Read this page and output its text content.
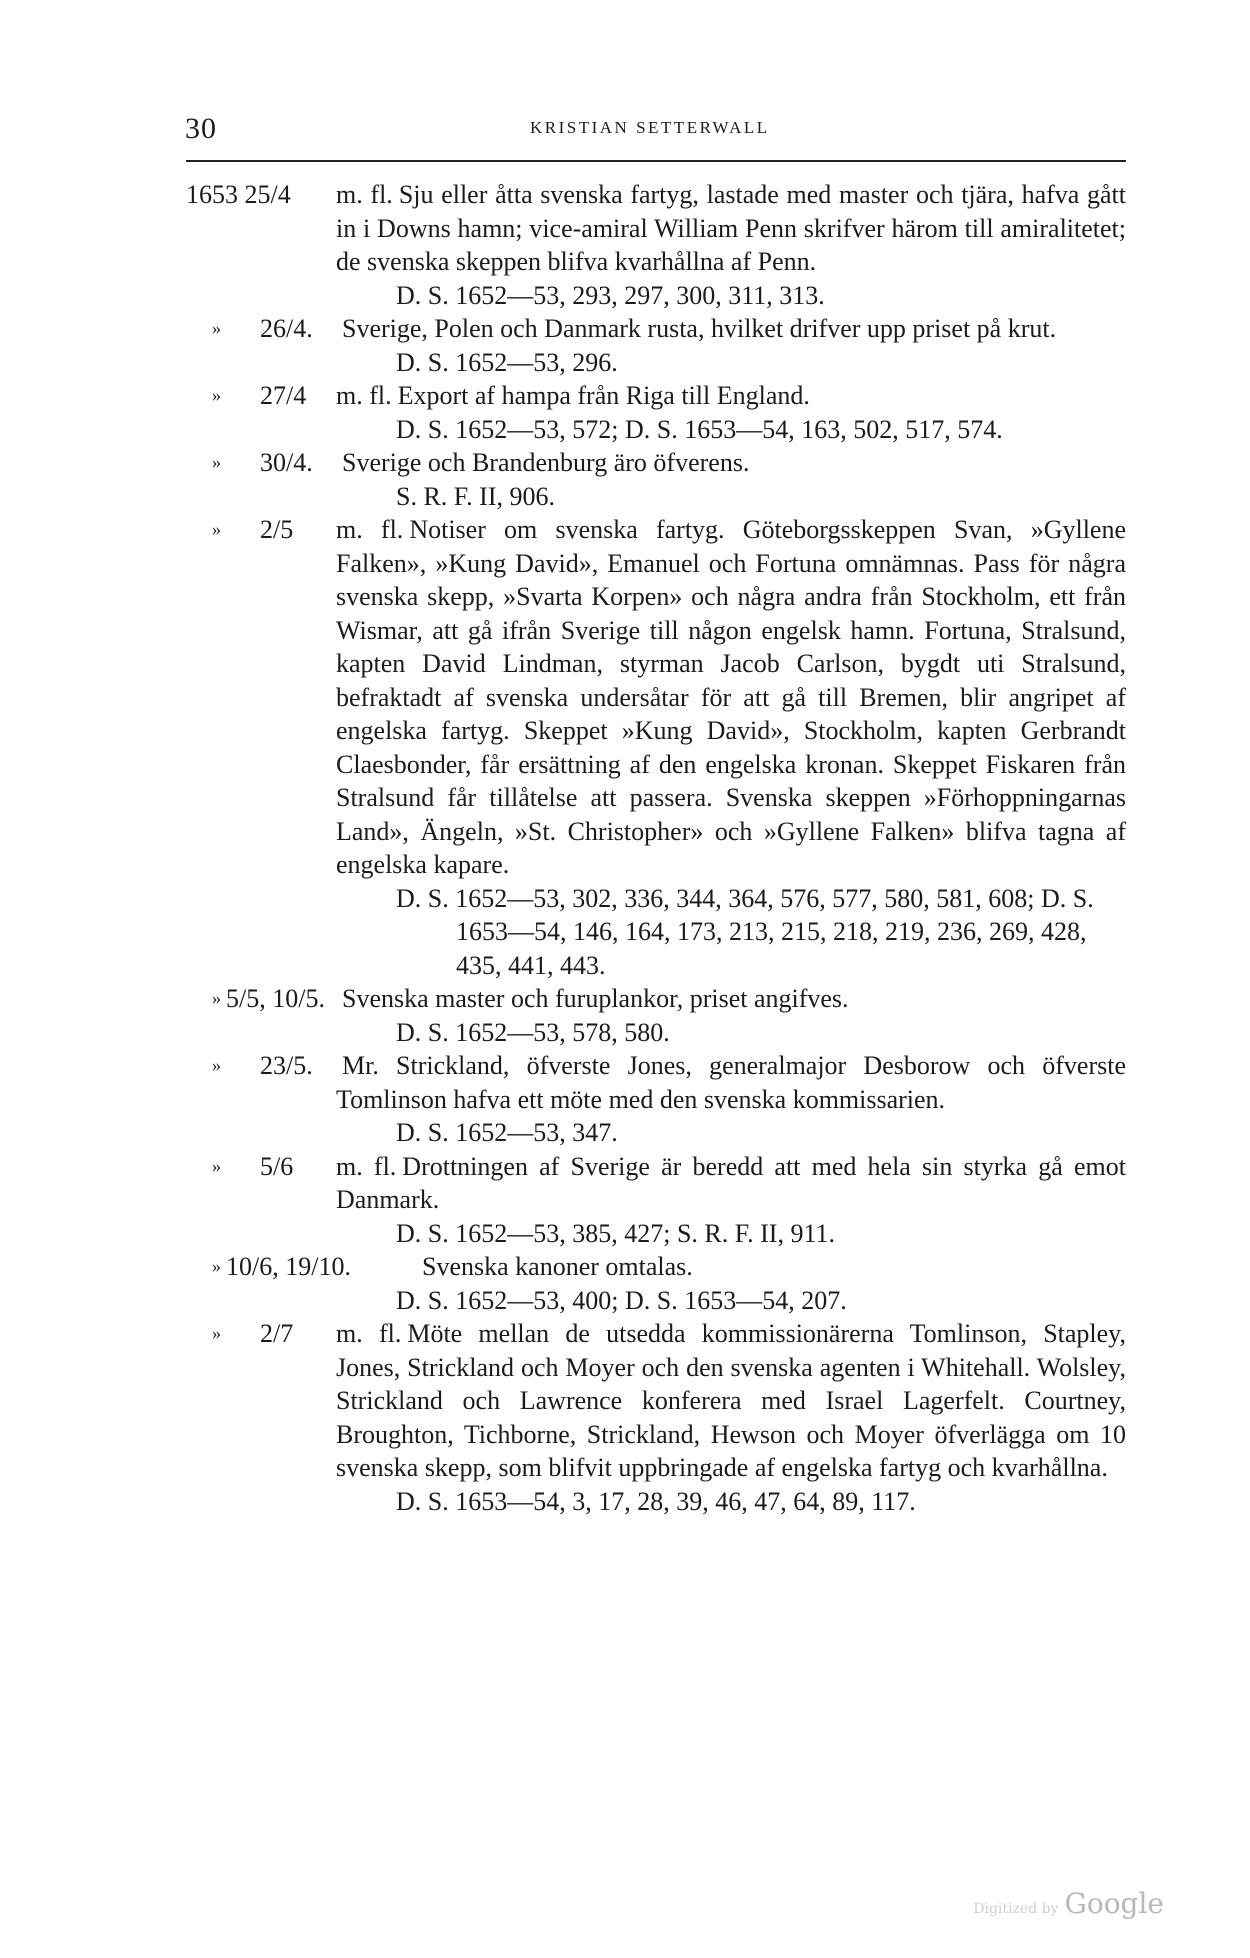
30	KRISTIAN SETTERWALL
1653 25/4 m. fl. Sju eller åtta svenska fartyg, lastade med master och tjära, hafva gått in i Downs hamn; vice-amiral William Penn skrifver härom till amiralitetet; de svenska skeppen blifva kvarhållna af Penn.
D. S. 1652—53, 293, 297, 300, 311, 313.
» 26/4. Sverige, Polen och Danmark rusta, hvilket drifver upp priset på krut.
D. S. 1652—53, 296.
» 27/4 m. fl. Export af hampa från Riga till England.
D. S. 1652—53, 572; D. S. 1653—54, 163, 502, 517, 574.
» 30/4. Sverige och Brandenburg äro öfverens.
S. R. F. II, 906.
» 2/5 m. fl. Notiser om svenska fartyg. Göteborgsskeppen Svan, »Gyllene Falken», »Kung David», Emanuel och Fortuna omnämnas. Pass för några svenska skepp, »Svarta Korpen» och några andra från Stockholm, ett från Wismar, att gå ifrån Sverige till någon engelsk hamn. Fortuna, Stralsund, kapten David Lindman, styrman Jacob Carlson, bygdt uti Stralsund, befraktadt af svenska undersåtar för att gå till Bremen, blir angripet af engelska fartyg. Skeppet »Kung David», Stockholm, kapten Gerbrandt Claesbonder, får ersättning af den engelska kronan. Skeppet Fiskaren från Stralsund får tillåtelse att passera. Svenska skeppen »Förhoppningarnas Land», Ängeln, »St. Christopher» och »Gyllene Falken» blifva tagna af engelska kapare.
D. S. 1652—53, 302, 336, 344, 364, 576, 577, 580, 581, 608; D. S. 1653—54, 146, 164, 173, 213, 215, 218, 219, 236, 269, 428, 435, 441, 443.
» 5/5, 10/5. Svenska master och furuplankor, priset angifves.
D. S. 1652—53, 578, 580.
» 23/5. Mr. Strickland, öfverste Jones, generalmajor Desborow och öfverste Tomlinson hafva ett möte med den svenska kommissarien.
D. S. 1652—53, 347.
» 5/6 m. fl. Drottningen af Sverige är beredd att med hela sin styrka gå emot Danmark.
D. S. 1652—53, 385, 427; S. R. F. II, 911.
» 10/6, 19/10.	Svenska kanoner omtalas.
D. S. 1652—53, 400; D. S. 1653—54, 207.
» 2/7 m. fl. Möte mellan de utsedda kommissionärerna Tomlinson, Stapley, Jones, Strickland och Moyer och den svenska agenten i Whitehall. Wolsley, Strickland och Lawrence konferera med Israel Lagerfelt. Courtney, Broughton, Tichborne, Strickland, Hewson och Moyer öfverlägga om 10 svenska skepp, som blifvit uppbringade af engelska fartyg och kvarhållna.
D. S. 1653—54, 3, 17, 28, 39, 46, 47, 64, 89, 117.
Digitized by Google
